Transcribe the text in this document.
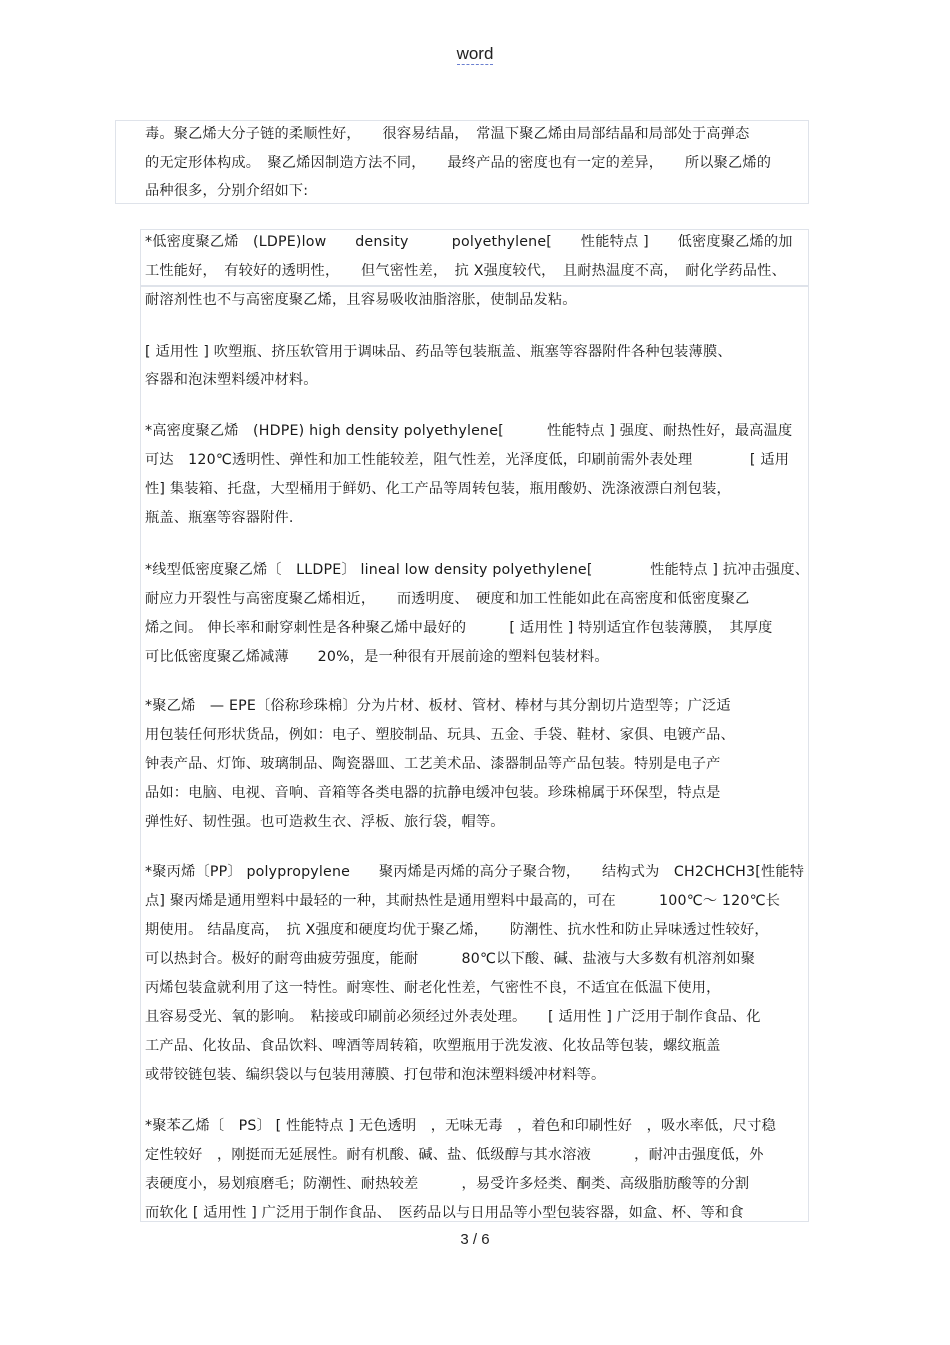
word
毒。聚乙烯大分子链的柔顺性好，　　很容易结晶，　常温下聚乙烯由局部结晶和局部处于高弹态
的无定形体构成。　聚乙烯因制造方法不同，　　最终产品的密度也有一定的差异，　　所以聚乙烯的
品种很多，分别介绍如下:
*低密度聚乙烯　(LDPE)low　　density　　　polyethylene[　　性能特点 ]　　低密度聚乙烯的加
工性能好，　有较好的透明性，　　但气密性差，　抗 X强度较代，　且耐热温度不高，　耐化学药品性、
耐溶剂性也不与高密度聚乙烯，且容易吸收油脂溶胀，使制品发粘。
[ 适用性 ] 吹塑瓶、挤压软管用于调味品、药品等包装瓶盖、瓶塞等容器附件各种包装薄膜、
容器和泡沫塑料缓冲材料。
*高密度聚乙烯　(HDPE) high density polyethylene[　　　性能特点 ] 强度、耐热性好，最高温度
可达　120℃透明性、弹性和加工性能较差，阻气性差，光泽度低，印刷前需外表处理　　　　[ 适用
性] 集装箱、托盘，大型桶用于鲜奶、化工产品等周转包装，瓶用酸奶、洗涤液漂白剂包装，
瓶盖、瓶塞等容器附件.
*线型低密度聚乙烯〔　LLDPE〕 lineal low density polyethylene[　　　　性能特点 ] 抗冲击强度、
耐应力开裂性与高密度聚乙烯相近，　　而透明度、　硬度和加工性能如此在高密度和低密度聚乙
烯之间。 伸长率和耐穿刺性是各种聚乙烯中最好的　　　[ 适用性 ] 特别适宜作包装薄膜，　其厚度
可比低密度聚乙烯减薄　　20%，是一种很有开展前途的塑料包装材料。
*聚乙烯　— EPE〔俗称珍珠棉〕分为片材、板材、管材、棒材与其分割切片造型等；广泛适
用包装任何形状货品，例如：电子、塑胶制品、玩具、五金、手袋、鞋材、家俱、电镀产品、
钟表产品、灯饰、玻璃制品、陶瓷器皿、工艺美术品、漆器制品等产品包装。特别是电子产
品如：电脑、电视、音响、音箱等各类电器的抗静电缓冲包装。珍珠棉属于环保型，特点是
弹性好、韧性强。也可造救生衣、浮板、旅行袋，帽等。
*聚丙烯〔PP〕 polypropylene　　聚丙烯是丙烯的高分子聚合物，　　结构式为　CH2CHCH3[性能特
点] 聚丙烯是通用塑料中最轻的一种，其耐热性是通用塑料中最高的，可在　　　100℃～ 120℃长
期使用。 结晶度高，　抗 X强度和硬度均优于聚乙烯，　　防潮性、抗水性和防止异味透过性较好，
可以热封合。极好的耐弯曲疲劳强度，能耐　　　80℃以下酸、碱、盐液与大多数有机溶剂如聚
丙烯包装盒就利用了这一特性。耐寒性、耐老化性差，气密性不良，不适宜在低温下使用，
且容易受光、氧的影响。　粘接或印刷前必须经过外表处理。　　[ 适用性 ] 广泛用于制作食品、化
工产品、化妆品、食品饮料、啤酒等周转箱，吹塑瓶用于洗发液、化妆品等包装，螺纹瓶盖
或带铰链包装、编织袋以与包装用薄膜、打包带和泡沫塑料缓冲材料等。
*聚苯乙烯〔　PS〕 [ 性能特点 ] 无色透明　，无味无毒　，着色和印刷性好　，吸水率低，尺寸稳
定性较好　，刚挺而无延展性。耐有机酸、碱、盐、低级醇与其水溶液　　　，耐冲击强度低，外
表硬度小，易划痕磨毛；防潮性、耐热较差　　　，易受许多烃类、酮类、高级脂肪酸等的分割
而软化 [ 适用性 ] 广泛用于制作食品、　医药品以与日用品等小型包装容器，如盒、杯、等和食
3 / 6
